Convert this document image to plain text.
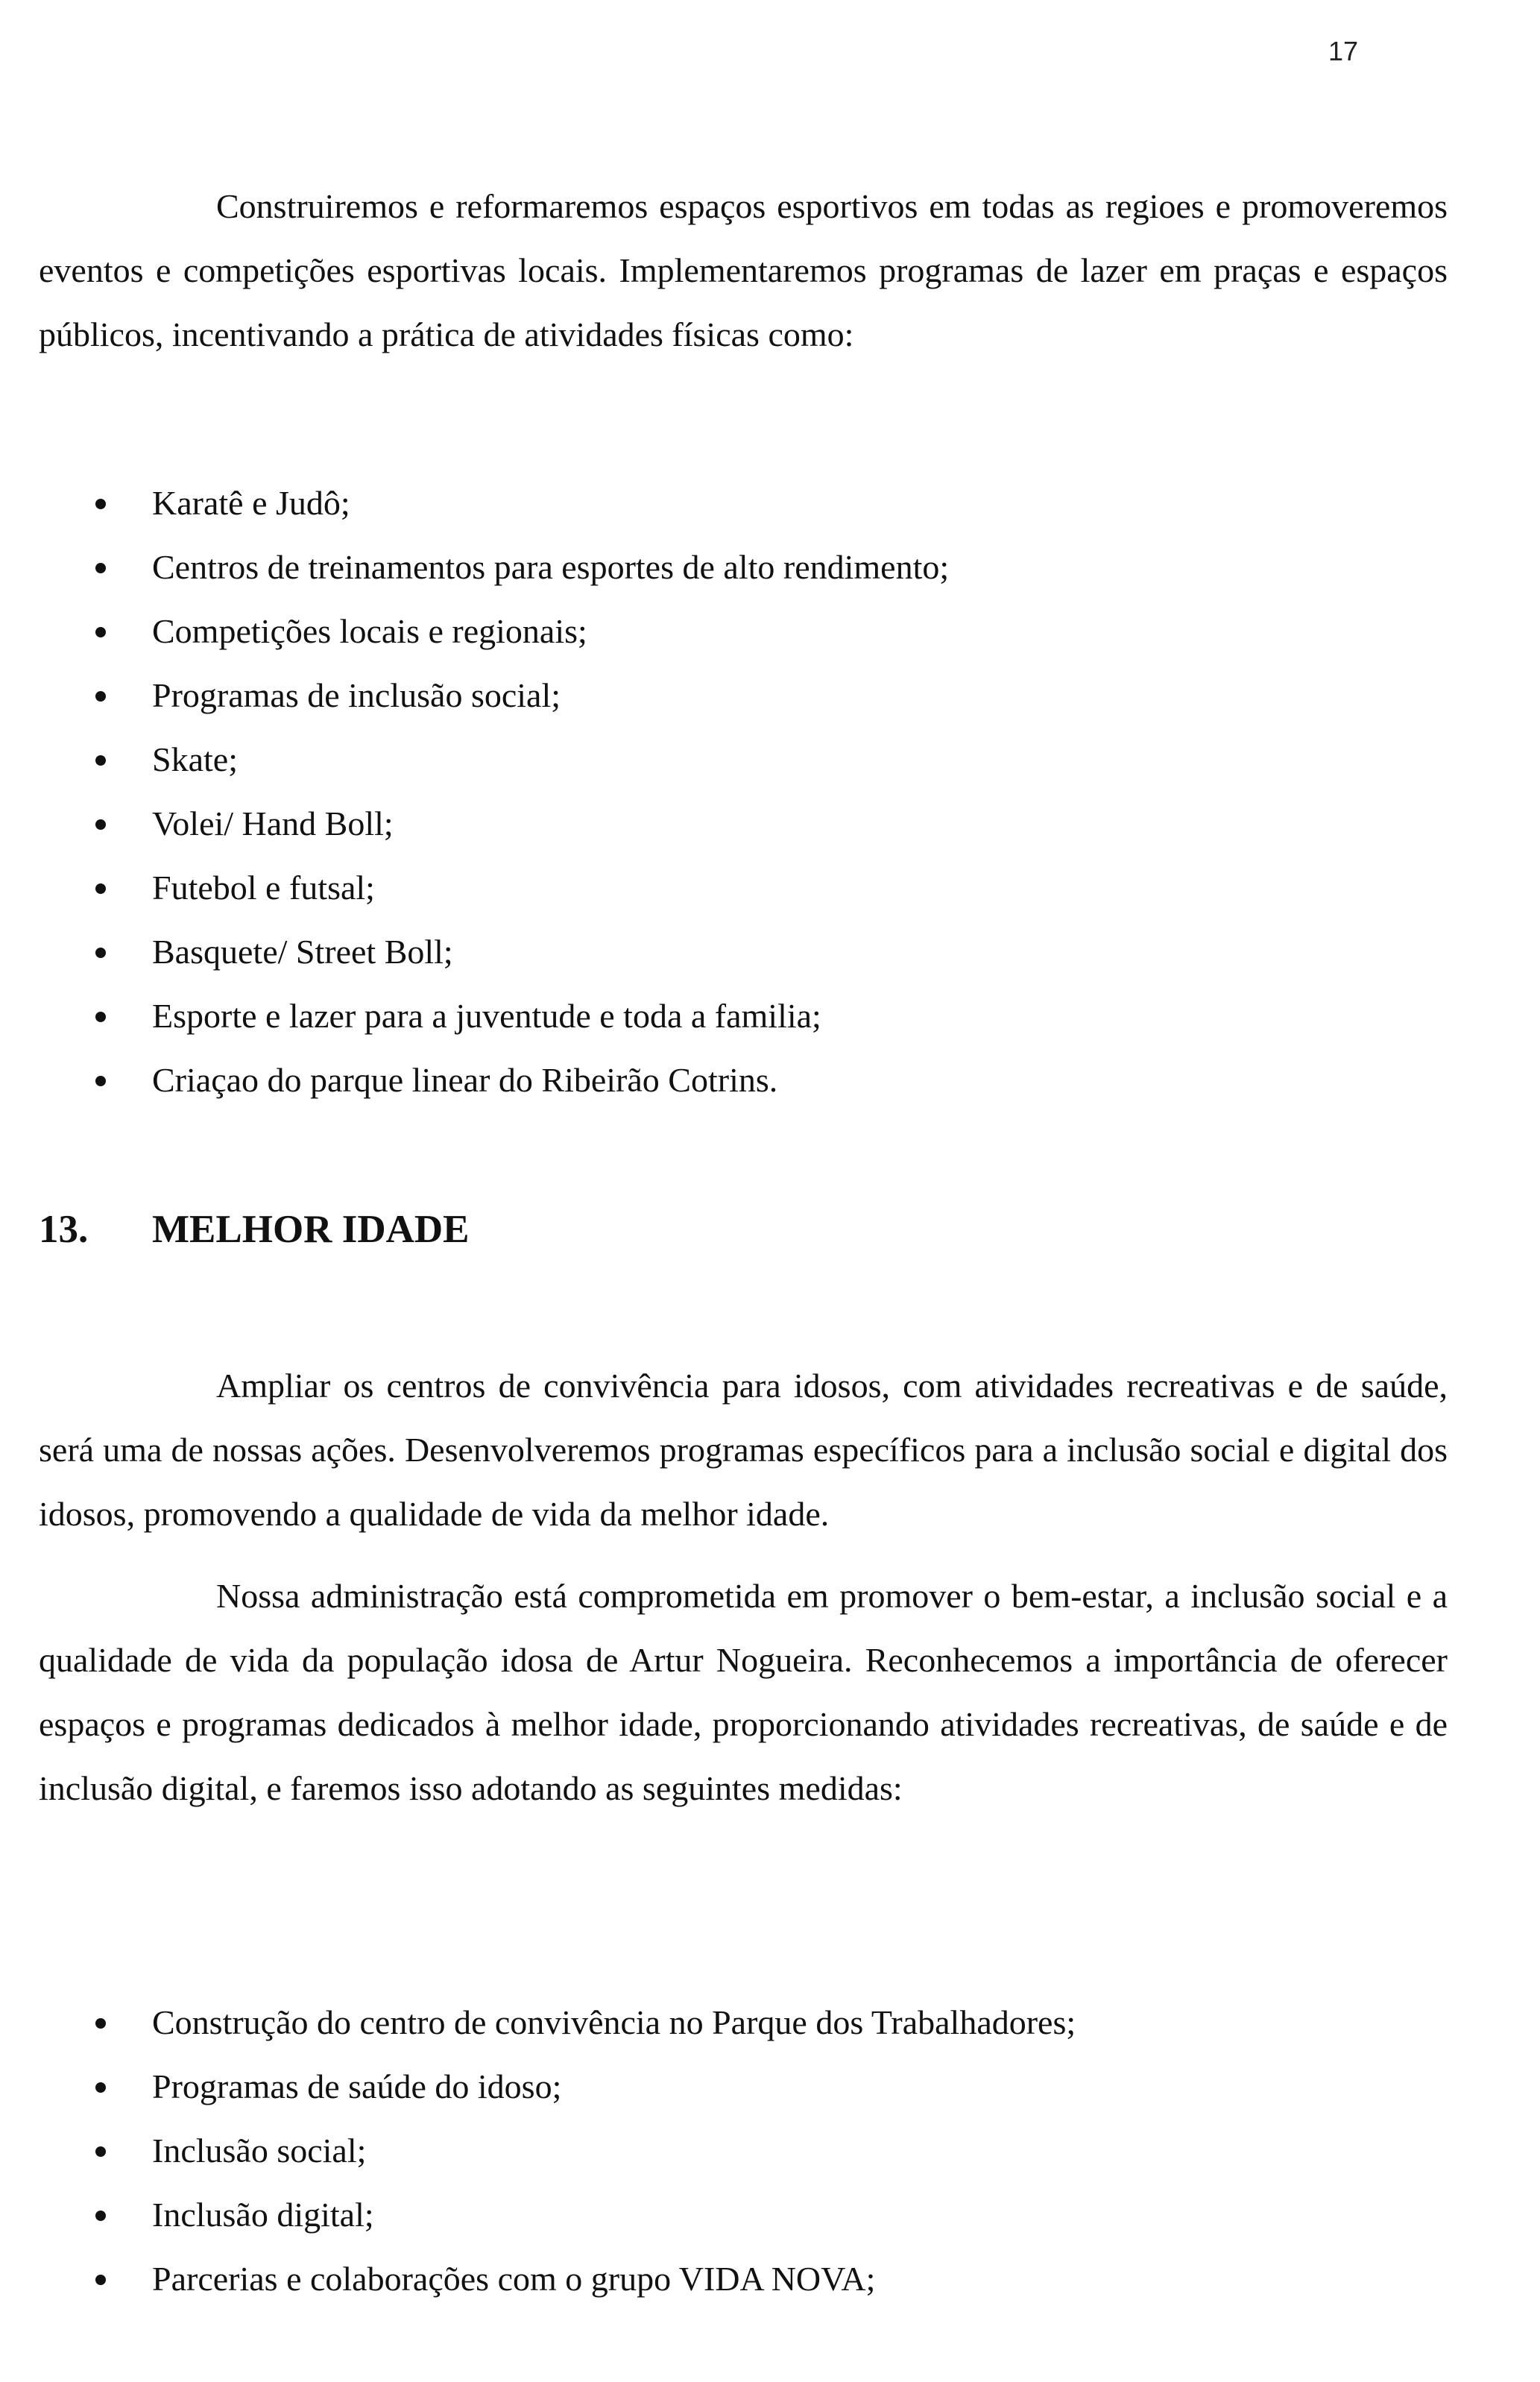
17

Construiremos e reformaremos espaços esportivos em todas as regioes e promoveremos eventos e competições esportivas locais. Implementaremos programas de lazer em praças e espaços públicos, incentivando a prática de atividades físicas como:

Karatê e Judô;
Centros de treinamentos para esportes de alto rendimento;
Competições locais e regionais;
Programas de inclusão social;
Skate;
Volei/ Hand Boll;
Futebol e futsal;
Basquete/ Street Boll;
Esporte e lazer para a juventude e toda a familia;
Criaçao do parque linear do Ribeirão Cotrins.
13. MELHOR IDADE

Ampliar os centros de convivência para idosos, com atividades recreativas e de saúde, será uma de nossas ações. Desenvolveremos programas específicos para a inclusão social e digital dos idosos, promovendo a qualidade de vida da melhor idade.

Nossa administração está comprometida em promover o bem-estar, a inclusão social e a qualidade de vida da população idosa de Artur Nogueira. Reconhecemos a importância de oferecer espaços e programas dedicados à melhor idade, proporcionando atividades recreativas, de saúde e de inclusão digital, e faremos isso adotando as seguintes medidas:

Construção do centro de convivência no Parque dos Trabalhadores;
Programas de saúde do idoso;
Inclusão social;
Inclusão digital;
Parcerias e colaborações com o grupo VIDA NOVA;
